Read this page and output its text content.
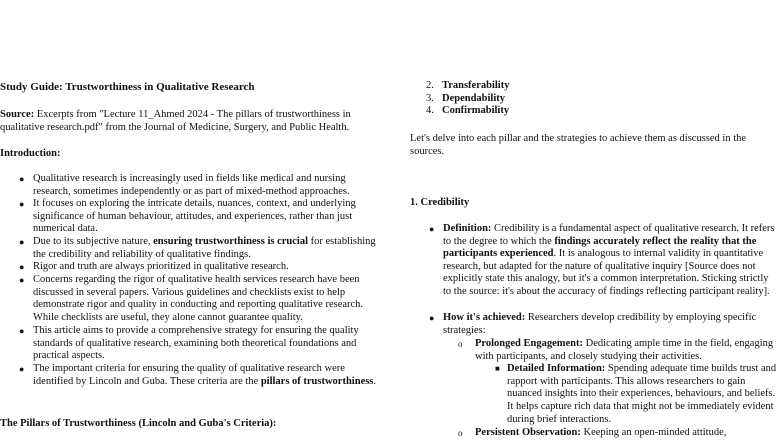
Study Guide: Trustworthiness in Qualitative Research

Source: Excerpts from "Lecture 11_Ahmed 2024 - The pillars of trustworthiness in qualitative research.pdf" from the Journal of Medicine, Surgery, and Public Health.

Introduction:

● Qualitative research is increasingly used in fields like medical and nursing research, sometimes independently or as part of mixed-method approaches.
● It focuses on exploring the intricate details, nuances, context, and underlying significance of human behaviour, attitudes, and experiences, rather than just numerical data.
● Due to its subjective nature, ensuring trustworthiness is crucial for establishing the credibility and reliability of qualitative findings.
● Rigor and truth are always prioritized in qualitative research.
● Concerns regarding the rigor of qualitative health services research have been discussed in several papers. Various guidelines and checklists exist to help demonstrate rigor and quality in conducting and reporting qualitative research. While checklists are useful, they alone cannot guarantee quality.
● This article aims to provide a comprehensive strategy for ensuring the quality standards of qualitative research, examining both theoretical foundations and practical aspects.
● The important criteria for ensuring the quality of qualitative research were identified by Lincoln and Guba. These criteria are the pillars of trustworthiness.

The Pillars of Trustworthiness (Lincoln and Guba's Criteria):

2. Transferability
3. Dependability
4. Confirmability

Let's delve into each pillar and the strategies to achieve them as discussed in the sources.

1. Credibility

● Definition: Credibility is a fundamental aspect of qualitative research. It refers to the degree to which the findings accurately reflect the reality that the participants experienced. It is analogous to internal validity in quantitative research, but adapted for the nature of qualitative inquiry [Source does not explicitly state this analogy, but it's a common interpretation. Sticking strictly to the source: it's about the accuracy of findings reflecting participant reality].
● How it's achieved: Researchers develop credibility by employing specific strategies:
o Prolonged Engagement: Dedicating ample time in the field, engaging with participants, and closely studying their activities.
■ Detailed Information: Spending adequate time builds trust and rapport with participants. This allows researchers to gain nuanced insights into their experiences, behaviours, and beliefs. It helps capture rich data that might not be immediately evident during brief interactions.
o Persistent Observation: Keeping an open-minded attitude,
